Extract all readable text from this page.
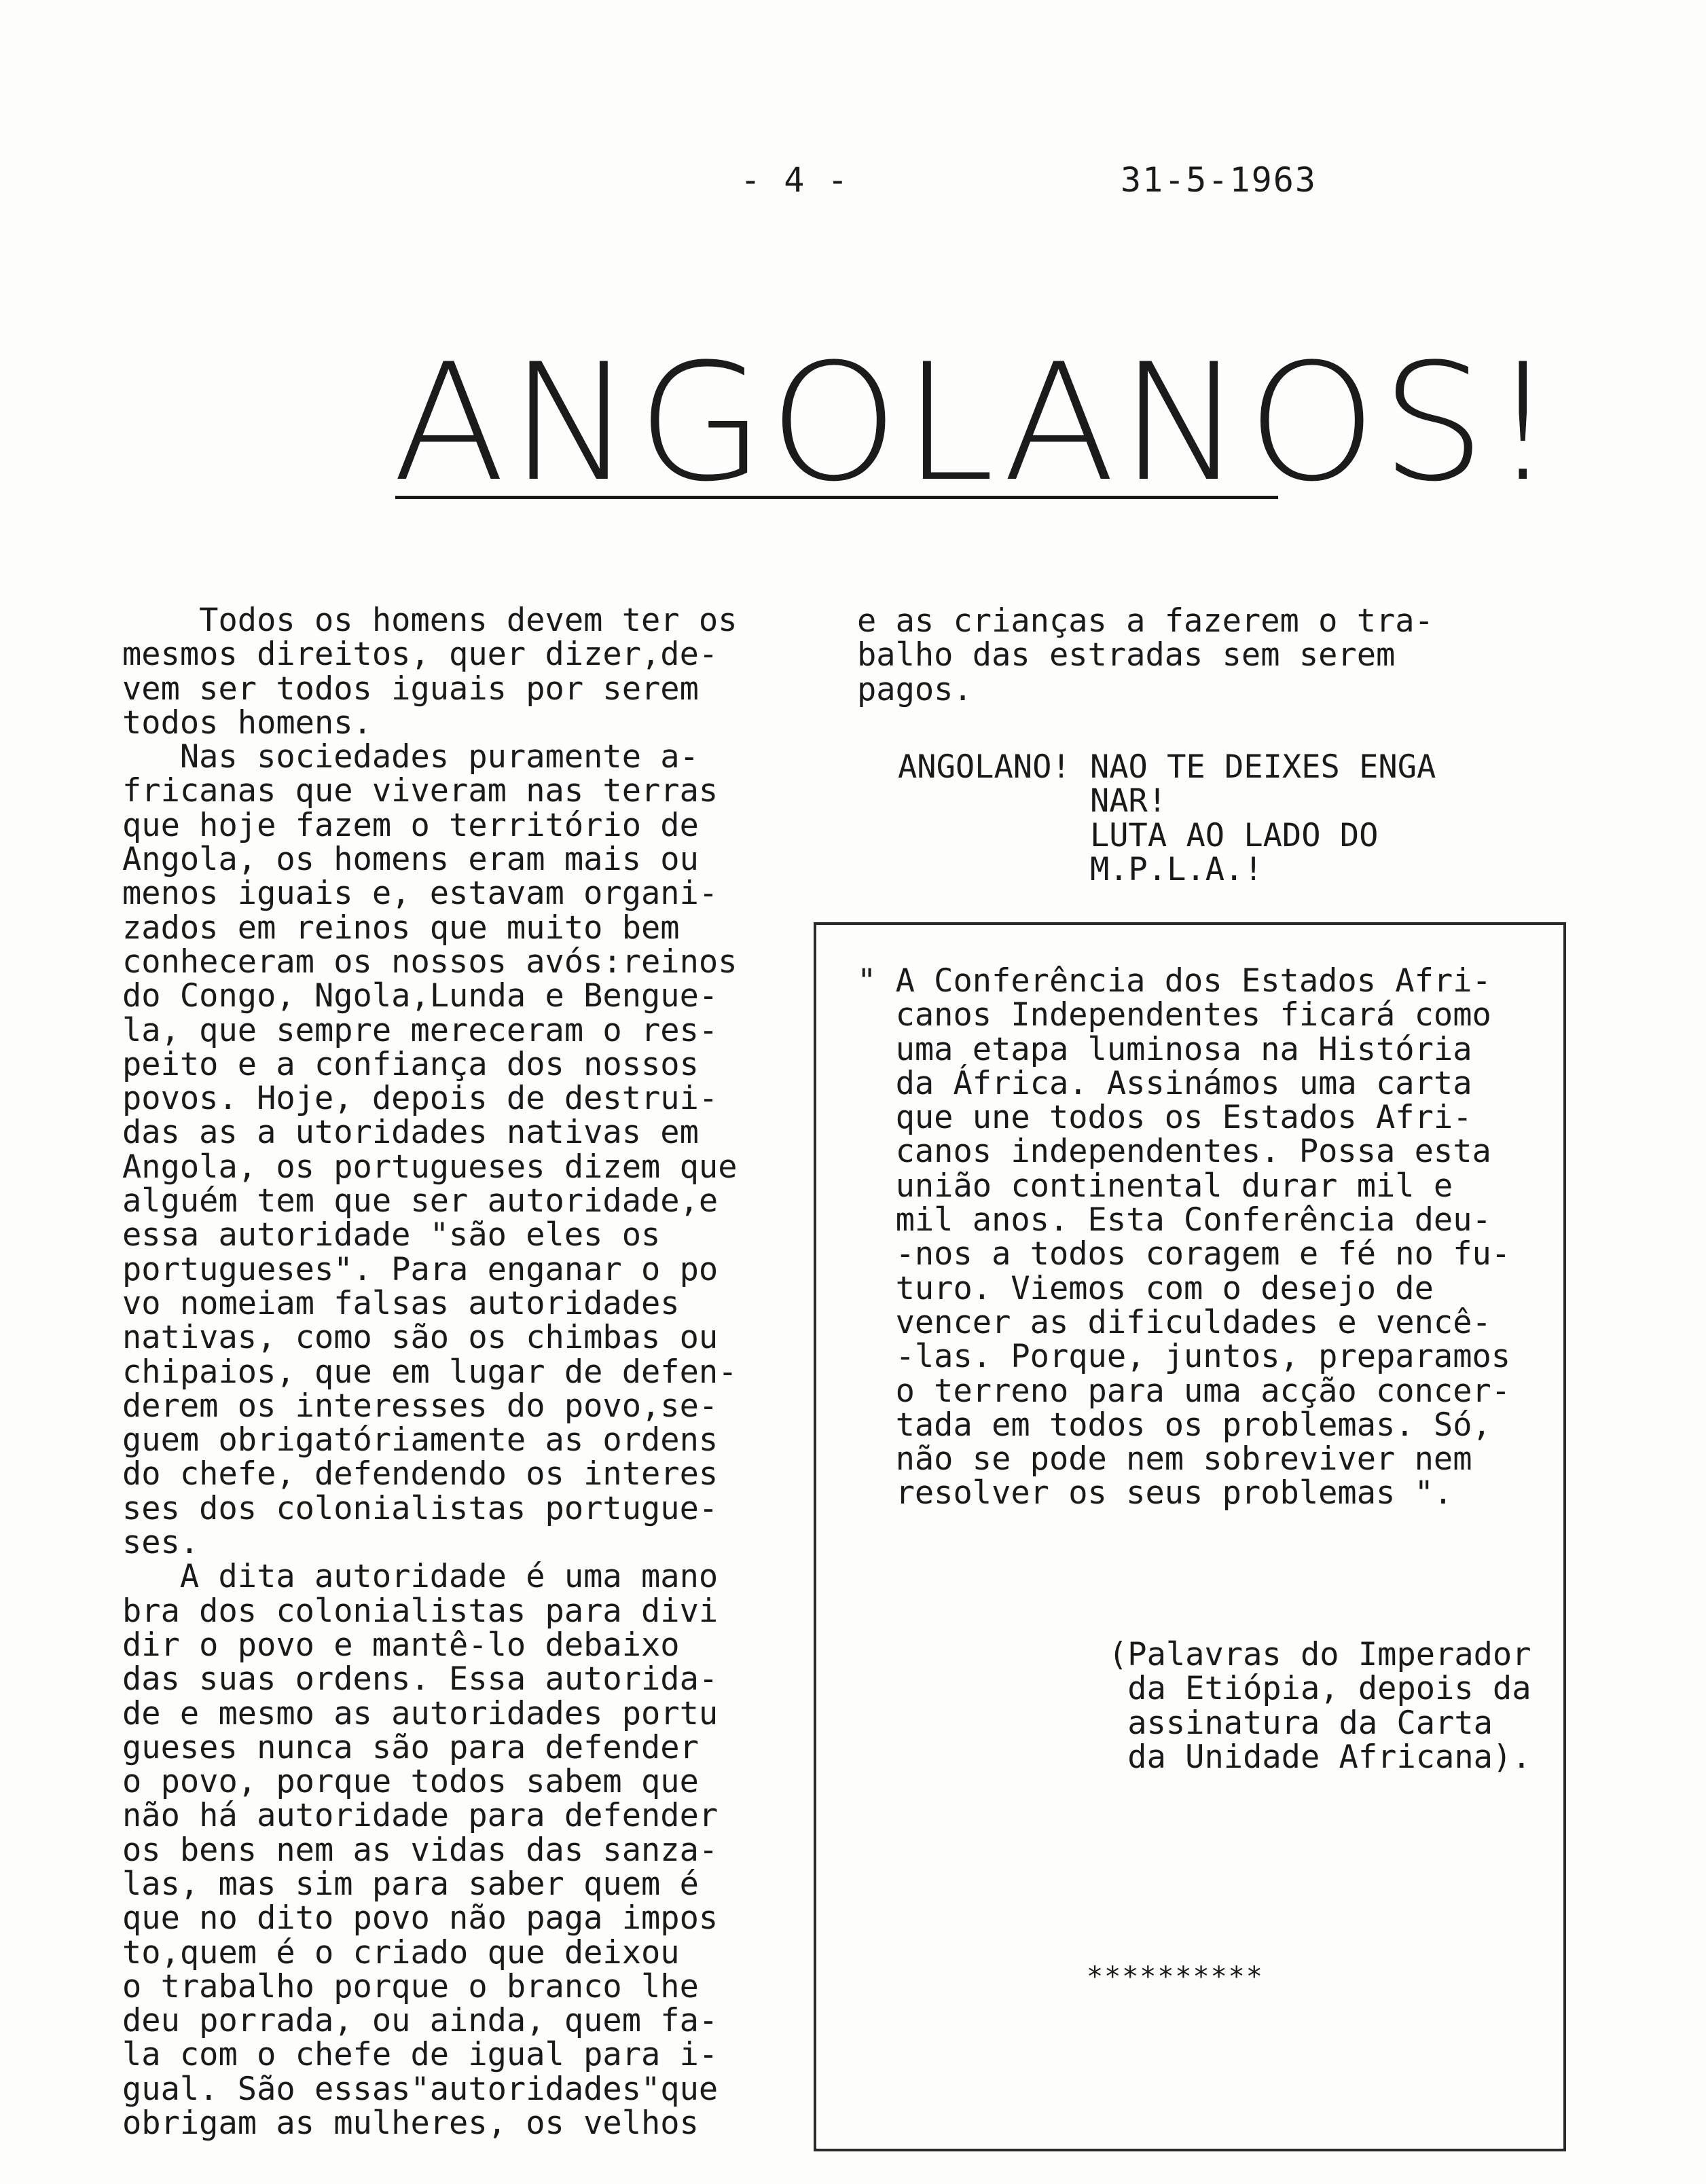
- 4 -	31-5-1963
ANGOLANOS!
Todos os homens devem ter os
mesmos direitos, quer dizer,de-
vem ser todos iguais por serem
todos homens.
Nas sociedades puramente a-
fricanas que viveram nas terras
que hoje fazem o território de
Angola, os homens eram mais ou
menos iguais e, estavam organi-
zados em reinos que muito bem
conheceram os nossos avós:reinos
do Congo, Ngola,Lunda e Bengue-
la, que sempre mereceram o res-
peito e a confiança dos nossos
povos. Hoje, depois de destrui-
das as a utoridades nativas em
Angola, os portugueses dizem que
alguém tem que ser autoridade,e
essa autoridade "são eles os
portugueses". Para enganar o po
vo nomeiam falsas autoridades
nativas, como são os chimbas ou
chipaios, que em lugar de defen-
derem os interesses do povo,se-
guem obrigatóriamente as ordens
do chefe, defendendo os interes
ses dos colonialistas portugue-
ses.
A dita autoridade é uma mano
bra dos colonialistas para divi
dir o povo e mantê-lo debaixo
das suas ordens. Essa autorida-
de e mesmo as autoridades portu
gueses nunca são para defender
o povo, porque todos sabem que
não há autoridade para defender
os bens nem as vidas das sanza-
las, mas sim para saber quem é
que no dito povo não paga impos
to,quem é o criado que deixou
o trabalho porque o branco lhe
deu porrada, ou ainda, quem fa-
la com o chefe de igual para i-
gual. São essas"autoridades"que
obrigam as mulheres, os velhos
e as crianças a fazerem o tra-
balho das estradas sem serem
pagos.
ANGOLANO! NAO TE DEIXES ENGA
NAR!
LUTA AO LADO DO
M.P.L.A.!
" A Conferência dos Estados Afri-
canos Independentes ficará como
uma etapa luminosa na História
da África. Assinámos uma carta
que une todos os Estados Afri-
canos independentes. Possa esta
união continental durar mil e
mil anos. Esta Conferência deu-
-nos a todos coragem e fé no fu-
turo. Viemos com o desejo de
vencer as dificuldades e vencê-
-las. Porque, juntos, preparamos
o terreno para uma acção concer-
tada em todos os problemas. Só,
não se pode nem sobreviver nem
resolver os seus problemas ".
(Palavras do Imperador
da Etiópia, depois da
assinatura da Carta
da Unidade Africana).
**********
